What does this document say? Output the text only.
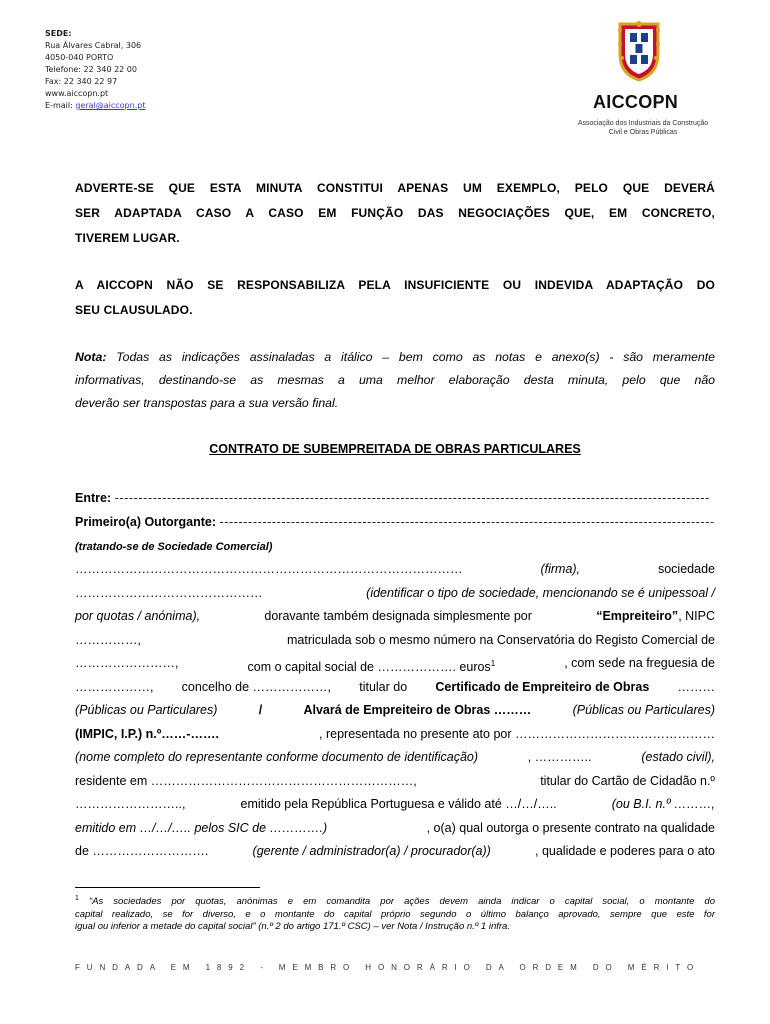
SEDE:
Rua Álvares Cabral, 306
4050-040 PORTO
Telefone: 22 340 22 00
Fax: 22 340 22 97
www.aiccopn.pt
E-mail: geral@aiccopn.pt	AICCOPN
Associação dos Industriais da Construção
Civil e Obras Públicas
ADVERTE-SE QUE ESTA MINUTA CONSTITUI APENAS UM EXEMPLO, PELO QUE DEVERÁ
SER ADAPTADA CASO A CASO EM FUNÇÃO DAS NEGOCIAÇÕES QUE, EM CONCRETO,
TIVEREM LUGAR.
A AICCOPN NÃO SE RESPONSABILIZA PELA INSUFICIENTE OU INDEVIDA ADAPTAÇÃO DO
SEU CLAUSULADO.
Nota: Todas as indicações assinaladas a itálico – bem como as notas e anexo(s) - são meramente
informativas, destinando-se as mesmas a uma melhor elaboração desta minuta, pelo que não
deverão ser transpostas para a sua versão final.
CONTRATO DE SUBEMPREITADA DE OBRAS PARTICULARES
Entre: -----------------------------------------------------------------------------------------------------------------------------
Primeiro(a) Outorgante: --------------------------------------------------------------------------------------------------------
(tratando-se de Sociedade Comercial)
…………………………………………………………………………………	(firma),	sociedade
………………………………………	(identificar o tipo de sociedade, mencionando se é unipessoal /
por quotas / anónima),	doravante também designada simplesmente por	“Empreiteiro”, NIPC
……………,	matriculada sob o mesmo número na Conservatória do Registo Comercial de
……………………,	com o capital social de ………………. euros$^1$	, com sede na freguesia de
………………, concelho de ………………, titular do Certificado de Empreiteiro de Obras ………
(Públicas ou Particulares)	/	Alvará de Empreiteiro de Obras ………	(Públicas ou Particulares)
(IMPIC, I.P.) n.º……-…….	, representada no presente ato por …………………………………………
(nome completo do representante conforme documento de identificação)	, …………..	(estado civil),
residente em ………………………………………………………,	titular do Cartão de Cidadão n.º
……………………..,	emitido pela República Portuguesa e válido até …/…/…..	(ou B.I. n.º ………,
emitido em …/…/….. pelos SIC de ………….)	, o(a) qual outorga o presente contrato na qualidade
de ……………………….	(gerente / administrador(a) / procurador(a))	, qualidade e poderes para o ato
$^1$ “As sociedades por quotas, anónimas e em comandita por ações devem ainda indicar o capital social, o montante do
capital realizado, se for diverso, e o montante do capital próprio segundo o último balanço aprovado, sempre que este for
igual ou inferior a metade do capital social” (n.º 2 do artigo 171.º CSC) – ver Nota / Instrução n.º 1 infra.
FUNDADA EM 1892 - MEMBRO HONORÁRIO DA ORDEM DO MÉRITO
